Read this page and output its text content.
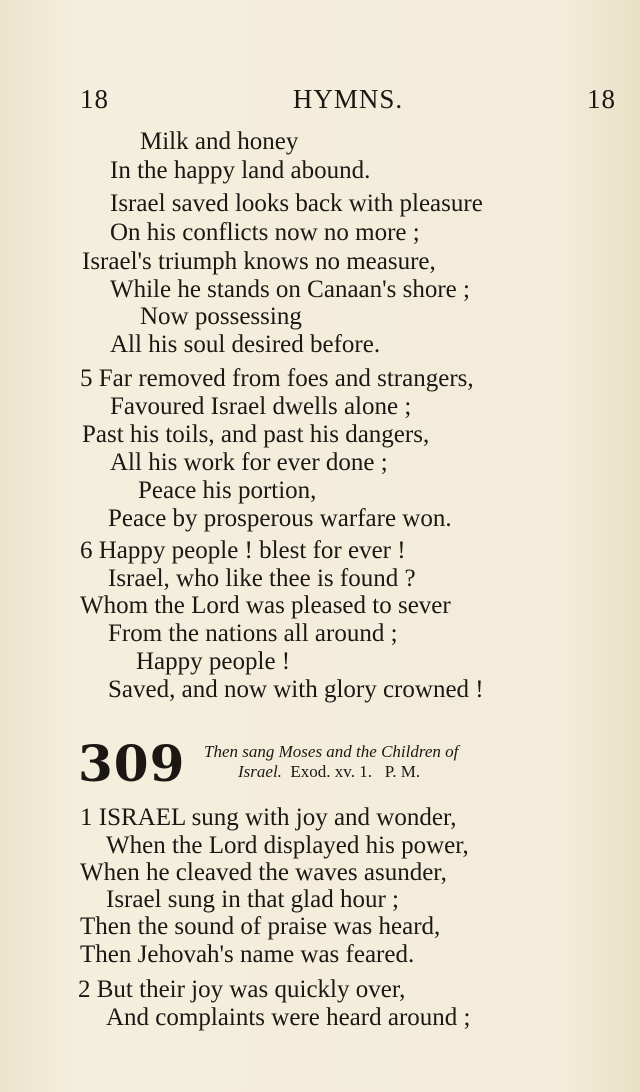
18	HYMNS.	18
Milk and honey
In the happy land abound.
Israel saved looks back with pleasure
On his conflicts now no more ;
Israel's triumph knows no measure,
While he stands on Canaan's shore ;
Now possessing
All his soul desired before.
5 Far removed from foes and strangers,
Favoured Israel dwells alone ;
Past his toils, and past his dangers,
All his work for ever done ;
Peace his portion,
Peace by prosperous warfare won.
6 Happy people ! blest for ever !
Israel, who like thee is found ?
Whom the Lord was pleased to sever
From the nations all around ;
Happy people !
Saved, and now with glory crowned !
309 Then sang Moses and the Children of
Israel.  Exod. xv. 1.   P. M.
1 ISRAEL sung with joy and wonder,
When the Lord displayed his power,
When he cleaved the waves asunder,
Israel sung in that glad hour ;
Then the sound of praise was heard,
Then Jehovah's name was feared.
2 But their joy was quickly over,
And complaints were heard around ;
